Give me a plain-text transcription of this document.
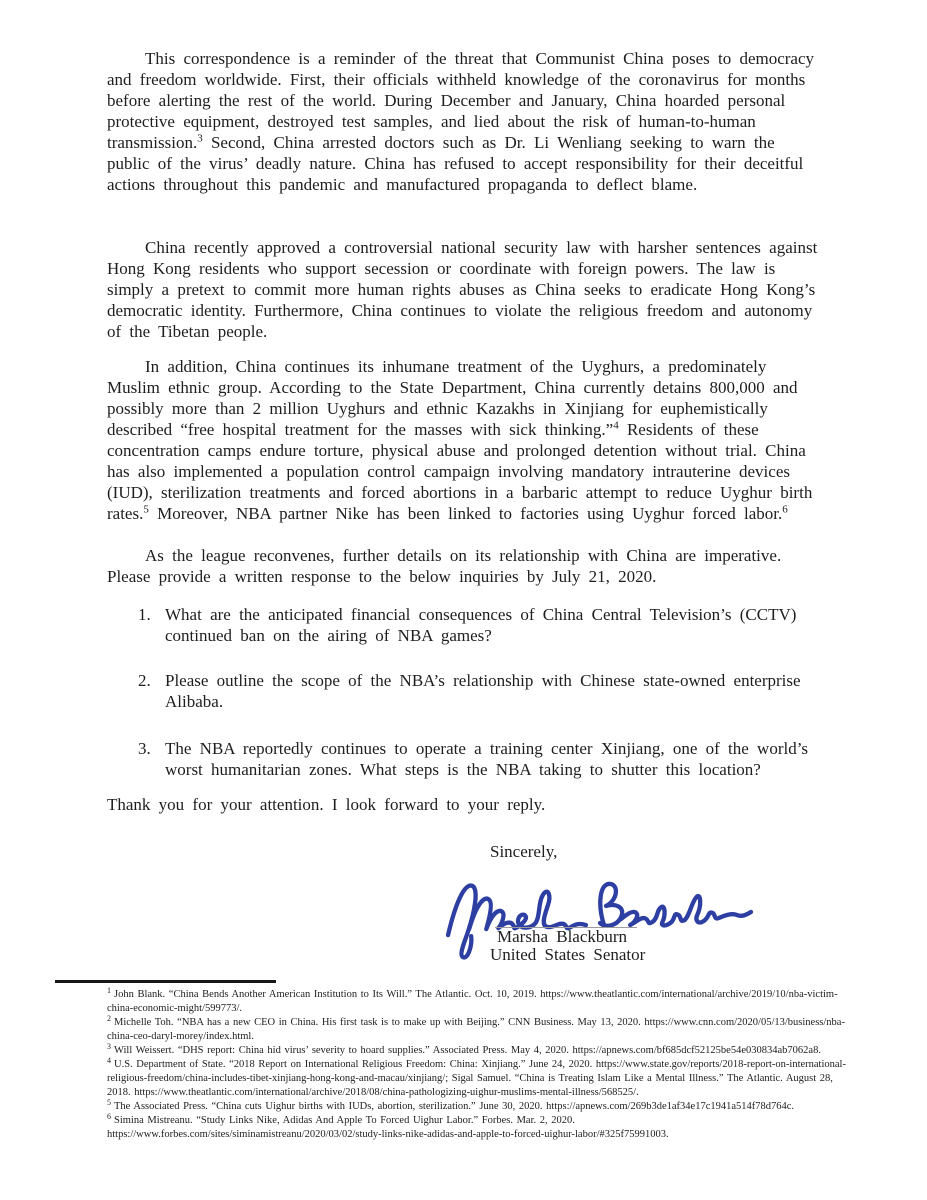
This correspondence is a reminder of the threat that Communist China poses to democracy and freedom worldwide. First, their officials withheld knowledge of the coronavirus for months before alerting the rest of the world. During December and January, China hoarded personal protective equipment, destroyed test samples, and lied about the risk of human-to-human transmission.$^3$ Second, China arrested doctors such as Dr. Li Wenliang seeking to warn the public of the virus’ deadly nature. China has refused to accept responsibility for their deceitful actions throughout this pandemic and manufactured propaganda to deflect blame.

China recently approved a controversial national security law with harsher sentences against Hong Kong residents who support secession or coordinate with foreign powers. The law is simply a pretext to commit more human rights abuses as China seeks to eradicate Hong Kong’s democratic identity. Furthermore, China continues to violate the religious freedom and autonomy of the Tibetan people.

In addition, China continues its inhumane treatment of the Uyghurs, a predominately Muslim ethnic group. According to the State Department, China currently detains 800,000 and possibly more than 2 million Uyghurs and ethnic Kazakhs in Xinjiang for euphemistically described “free hospital treatment for the masses with sick thinking.”$^4$ Residents of these concentration camps endure torture, physical abuse and prolonged detention without trial. China has also implemented a population control campaign involving mandatory intrauterine devices (IUD), sterilization treatments and forced abortions in a barbaric attempt to reduce Uyghur birth rates.$^5$ Moreover, NBA partner Nike has been linked to factories using Uyghur forced labor.$^6$

As the league reconvenes, further details on its relationship with China are imperative. Please provide a written response to the below inquiries by July 21, 2020.

1. What are the anticipated financial consequences of China Central Television’s (CCTV) continued ban on the airing of NBA games?
2. Please outline the scope of the NBA’s relationship with Chinese state-owned enterprise Alibaba.
3. The NBA reportedly continues to operate a training center Xinjiang, one of the world’s worst humanitarian zones. What steps is the NBA taking to shutter this location?

Thank you for your attention. I look forward to your reply.

Sincerely,
Marsha Blackburn
United States Senator

$^1$ John Blank. “China Bends Another American Institution to Its Will.” The Atlantic. Oct. 10, 2019. https://www.theatlantic.com/international/archive/2019/10/nba-victim-china-economic-might/599773/.

$^2$ Michelle Toh. “NBA has a new CEO in China. His first task is to make up with Beijing.” CNN Business. May 13, 2020. https://www.cnn.com/2020/05/13/business/nba-china-ceo-daryl-morey/index.html.

$^3$ Will Weissert. “DHS report: China hid virus’ severity to hoard supplies.” Associated Press. May 4, 2020. https://apnews.com/bf685dcf52125be54e030834ab7062a8.

$^4$ U.S. Department of State. “2018 Report on International Religious Freedom: China: Xinjiang.” June 24, 2020. https://www.state.gov/reports/2018-report-on-international-religious-freedom/china-includes-tibet-xinjiang-hong-kong-and-macau/xinjiang/; Sigal Samuel. “China is Treating Islam Like a Mental Illness.” The Atlantic. August 28, 2018. https://www.theatlantic.com/international/archive/2018/08/china-pathologizing-uighur-muslims-mental-illness/568525/.

$^5$ The Associated Press. “China cuts Uighur births with IUDs, abortion, sterilization.” June 30, 2020. https://apnews.com/269b3de1af34e17c1941a514f78d764c.

$^6$ Simina Mistreanu. “Study Links Nike, Adidas And Apple To Forced Uighur Labor.” Forbes. Mar. 2, 2020. https://www.forbes.com/sites/siminamistreanu/2020/03/02/study-links-nike-adidas-and-apple-to-forced-uighur-labor/#325f75991003.
